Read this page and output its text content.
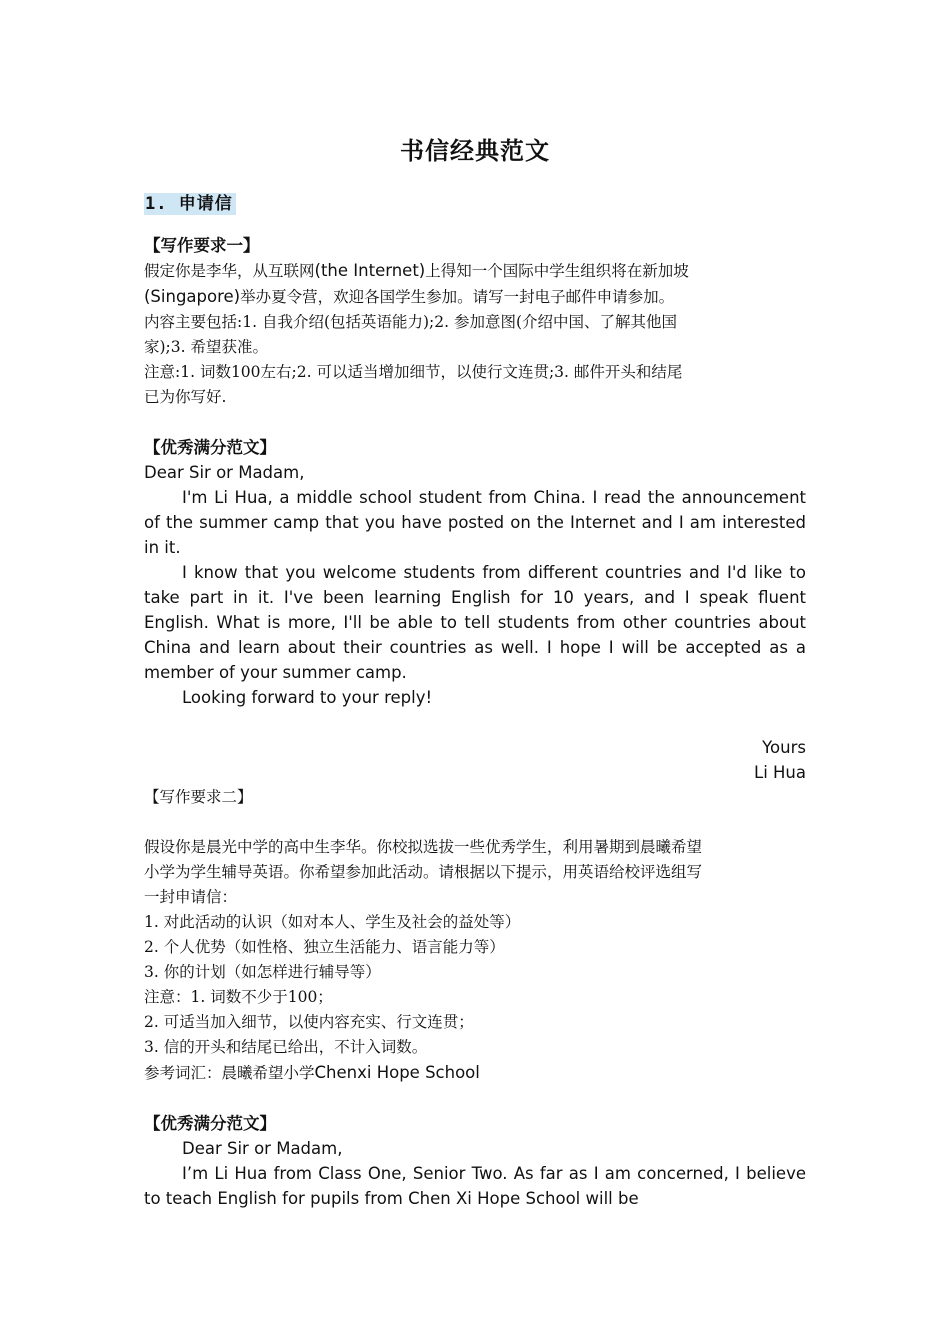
书信经典范文
1. 申请信
【写作要求一】
假定你是李华，从互联网(the Internet)上得知一个国际中学生组织将在新加坡
(Singapore)举办夏令营，欢迎各国学生参加。请写一封电子邮件申请参加。
内容主要包括:1. 自我介绍(包括英语能力);2. 参加意图(介绍中国、了解其他国
家);3. 希望获准。
注意:1. 词数100左右;2. 可以适当增加细节，以使行文连贯;3. 邮件开头和结尾
已为你写好.
【优秀满分范文】
Dear Sir or Madam,

I'm Li Hua, a middle school student from China. I read the announcement of the summer camp that you have posted on the Internet and I am interested in it.

I know that you welcome students from different countries and I'd like to take part in it. I've been learning English for 10 years, and I speak fluent English. What is more, I'll be able to tell students from other countries about China and learn about their countries as well. I hope I will be accepted as a member of your summer camp.

Looking forward to your reply!

Yours
Li Hua
【写作要求二】
假设你是晨光中学的高中生李华。你校拟选拔一些优秀学生，利用暑期到晨曦希望
小学为学生辅导英语。你希望参加此活动。请根据以下提示，用英语给校评选组写
一封申请信：
1. 对此活动的认识（如对本人、学生及社会的益处等）
2. 个人优势（如性格、独立生活能力、语言能力等）
3. 你的计划（如怎样进行辅导等）
注意：1. 词数不少于100；
2. 可适当加入细节，以使内容充实、行文连贯；
3. 信的开头和结尾已给出，不计入词数。
参考词汇：晨曦希望小学Chenxi Hope School
【优秀满分范文】

Dear Sir or Madam,

I’m Li Hua from Class One, Senior Two. As far as I am concerned, I believe to teach English for pupils from Chen Xi Hope School will be
